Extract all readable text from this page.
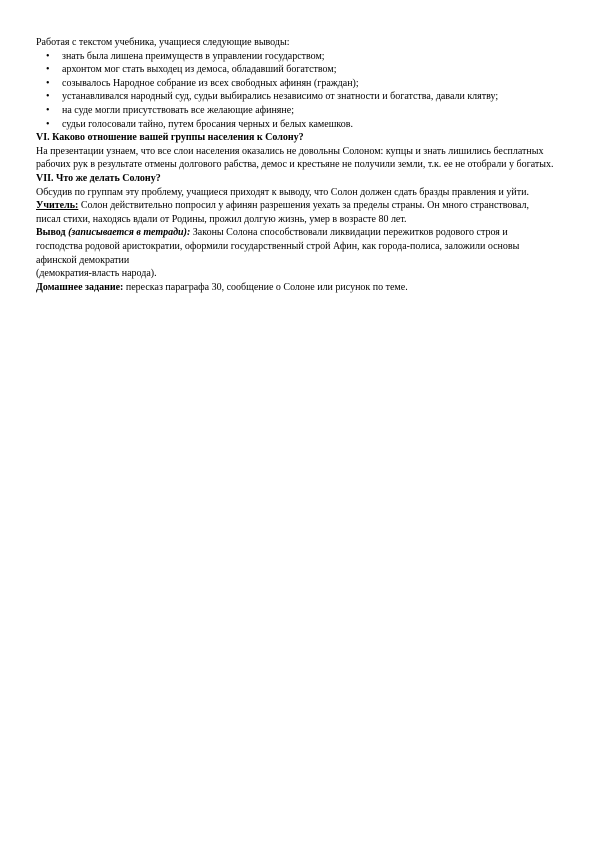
Работая с текстом учебника, учащиеся следующие выводы:

• знать была лишена преимуществ в управлении государством;
• архонтом мог стать выходец из демоса, обладавший богатством;
• созывалось Народное собрание из всех свободных афинян (граждан);
• устанавливался народный суд, судьи выбирались независимо от знатности и богатства, давали клятву;
• на суде могли присутствовать все желающие афиняне;
• судьи голосовали тайно, путем бросания черных и белых камешков.

VI. Каково отношение вашей группы населения к Солону?

На презентации узнаем, что все слои населения оказались не довольны Солоном: купцы и знать лишились бесплатных рабочих рук в результате отмены долгового рабства, демос и крестьяне не получили земли, т.к. ее не отобрали у богатых.

VII. Что же делать Солону?

Обсудив по группам эту проблему, учащиеся приходят к выводу, что Солон должен сдать бразды правления и уйти.

Учитель: Солон действительно попросил у афинян разрешения уехать за пределы страны. Он много странствовал, писал стихи, находясь вдали от Родины, прожил долгую жизнь, умер в возрасте 80 лет.

Вывод (записывается в тетради): Законы Солона способствовали ликвидации пережитков родового строя и господства родовой аристократии, оформили государственный строй Афин, как города-полиса, заложили основы афинской демократии

(демократия-власть народа).

Домашнее задание: пересказ параграфа 30, сообщение о Солоне или рисунок по теме.
